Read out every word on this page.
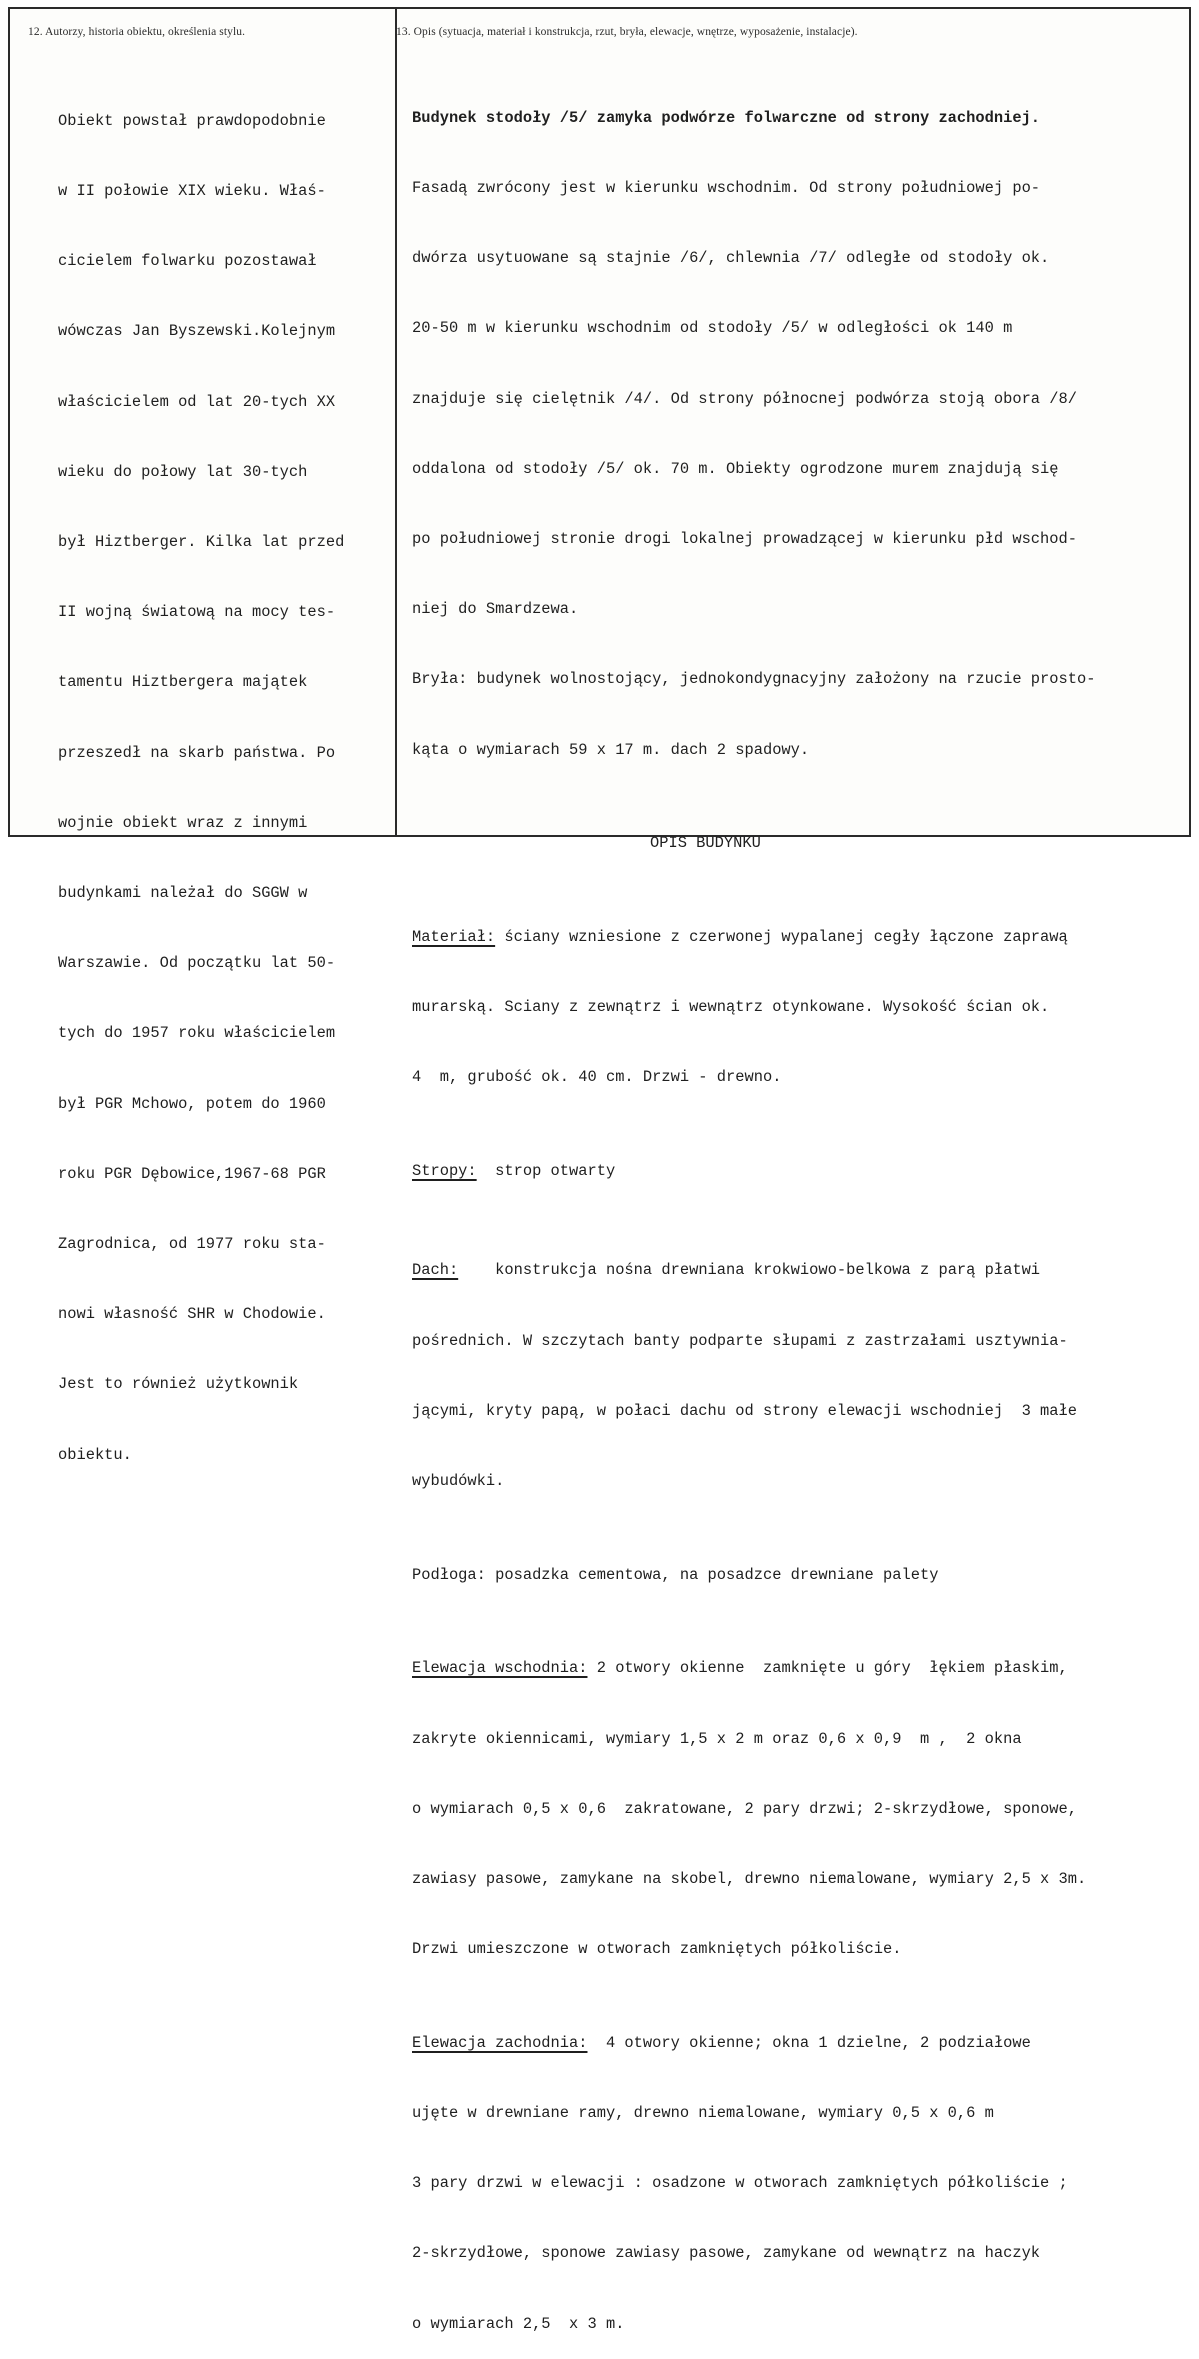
12. Autorzy, historia obiektu, określenia stylu.	13. Opis (sytuacja, materiał i konstrukcja, rzut, bryła, elewacje, wnętrze, wyposażenie, instalacje).

Obiekt powstał prawdopodobnie

w II połowie XIX wieku. Właś-

cicielem folwarku pozostawał

wówczas Jan Byszewski.Kolejnym

właścicielem od lat 20-tych XX

wieku do połowy lat 30-tych

był Hiztberger. Kilka lat przed

II wojną światową na mocy tes-

tamentu Hiztbergera majątek

przeszedł na skarb państwa. Po

wojnie obiekt wraz z innymi

budynkami należał do SGGW w

Warszawie. Od początku lat 50-

tych do 1957 roku właścicielem

był PGR Mchowo, potem do 1960

roku PGR Dębowice,1967-68 PGR

Zagrodnica, od 1977 roku sta-

nowi własność SHR w Chodowie.

Jest to również użytkownik

obiektu.

Budynek stodoły /5/ zamyka podwórze folwarczne od strony zachodniej.

Fasadą zwrócony jest w kierunku wschodnim. Od strony południowej po-

dwórza usytuowane są stajnie /6/, chlewnia /7/ odległe od stodoły ok.

20-50 m w kierunku wschodnim od stodoły /5/ w odległości ok 140 m

znajduje się cielętnik /4/. Od strony północnej podwórza stoją obora /8/

oddalona od stodoły /5/ ok. 70 m. Obiekty ogrodzone murem znajdują się

po południowej stronie drogi lokalnej prowadzącej w kierunku płd wschod-

niej do Smardzewa.

Bryła: budynek wolnostojący, jednokondygnacyjny założony na rzucie prosto-

kąta o wymiarach 59 x 17 m. dach 2 spadowy.

OPIS BUDYNKU

Materiał: ściany wzniesione z czerwonej wypalanej cegły łączone zaprawą

murarską. Sciany z zewnątrz i wewnątrz otynkowane. Wysokość ścian ok.

4  m, grubość ok. 40 cm. Drzwi - drewno.

Stropy:  strop otwarty

Dach:    konstrukcja nośna drewniana krokwiowo-belkowa z parą płatwi

pośrednich. W szczytach banty podparte słupami z zastrzałami usztywnia-

jącymi, kryty papą, w połaci dachu od strony elewacji wschodniej  3 małe

wybudówki.

Podłoga: posadzka cementowa, na posadzce drewniane palety

Elewacja wschodnia: 2 otwory okienne  zamknięte u góry  łękiem płaskim,

zakryte okiennicami, wymiary 1,5 x 2 m oraz 0,6 x 0,9  m ,  2 okna

o wymiarach 0,5 x 0,6  zakratowane, 2 pary drzwi; 2-skrzydłowe, sponowe,

zawiasy pasowe, zamykane na skobel, drewno niemalowane, wymiary 2,5 x 3m.

Drzwi umieszczone w otworach zamkniętych półkoliście.

Elewacja zachodnia:  4 otwory okienne; okna 1 dzielne, 2 podziałowe

ujęte w drewniane ramy, drewno niemalowane, wymiary 0,5 x 0,6 m

3 pary drzwi w elewacji : osadzone w otworach zamkniętych półkoliście ;

2-skrzydłowe, sponowe zawiasy pasowe, zamykane od wewnątrz na haczyk

o wymiarach 2,5  x 3 m.
